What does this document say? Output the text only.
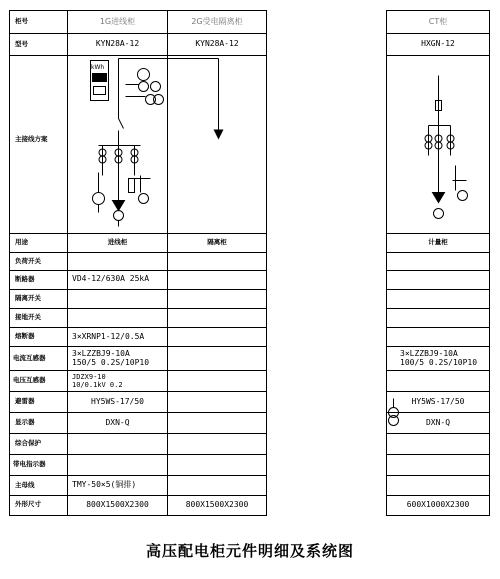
1G进线柜	2G受电隔离柜	CT柜
柜号
型号
主接线方案
用途
负荷开关
断路器
隔离开关
接地开关
熔断器
电流互感器
电压互感器
避雷器
显示器
综合保护
带电指示器
主母线
外形尺寸
KYN28A-12
kWh
进线柜
VD4-12/630A 25kA
3×XRNP1-12/0.5A
3×LZZBJ9-10A
150/5 0.2S/10P10
JDZX9-10
10/0.1kV 0.2
HY5WS-17/50
DXN-Q
TMY-50×5(铜排)
800X1500X2300
KYN28A-12
隔离柜
800X1500X2300
HXGN-12
计量柜
3×LZZBJ9-10A
100/5 0.2S/10P10
HY5WS-17/50
DXN-Q
600X1000X2300
高压配电柜元件明细及系统图
